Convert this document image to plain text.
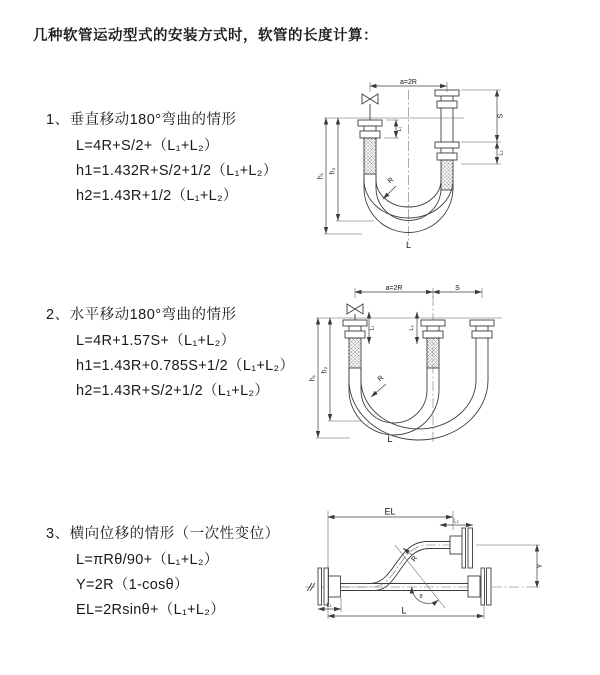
几种软管运动型式的安装方式时，软管的长度计算：
1、垂直移动180°弯曲的情形

L=4R+S/2+（L₁+L₂）

h1=1.432R+S/2+1/2（L₁+L₂）

h2=1.43R+1/2（L₁+L₂）

2、水平移动180°弯曲的情形

L=4R+1.57S+（L₁+L₂）

h1=1.43R+0.785S+1/2（L₁+L₂）

h2=1.43R+S/2+1/2（L₁+L₂）

3、横向位移的情形（一次性变位）

L=πRθ/90+（L₁+L₂）

Y=2R（1-cosθ）

EL=2Rsinθ+（L₁+L₂）

a=2R
h₁
h₂
L₁
S
L₂
R
L
a=2R	S
h₁
h₂
L₁	L₂
R
L
EL
L₂
Y
R
θ
L
L₁
